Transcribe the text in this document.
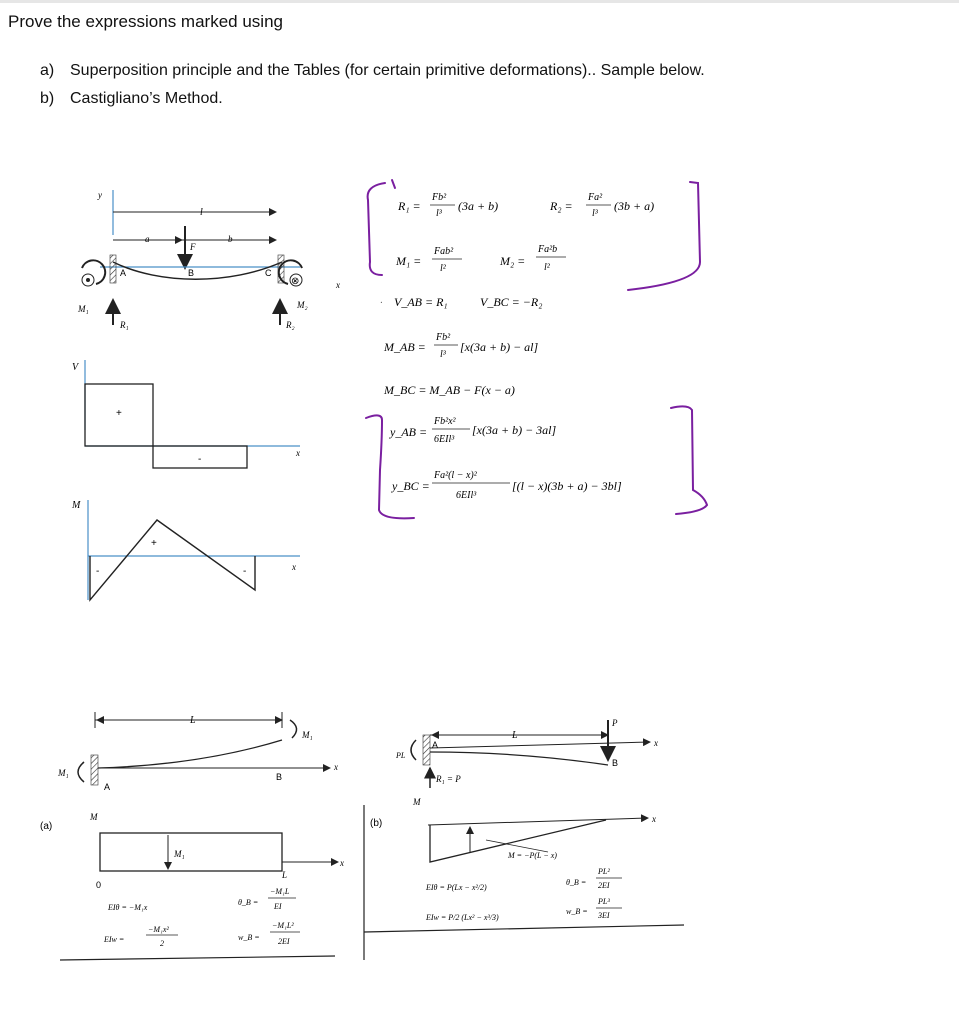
Prove the expressions marked using
a) Superposition principle and the Tables (for certain primitive deformations).. Sample below.
b) Castigliano’s Method.
y
l
a	b
F
A	B	C
x
⊗
M₁	M₂
R₁	R₂
V
+
-
x
M
+
-	-	x
R₁ =
Fb²
l³
(3a + b)	R₂ =
Fa²
l³
(3b + a)
M₁ =
Fab²
l²
M₂ =
Fa²b
l²
· V_AB = R₁	V_BC = −R₂
M_AB =
Fb²
l³
[x(3a + b) − al]
M_BC = M_AB − F(x − a)
y_AB =
Fb²x²
6EIl³
[x(3a + b) − 3al]
y_BC =
Fa²(l − x)²
6EIl³
[(l − x)(3b + a) − 3bl]
L
M₁
M₁
A
B
x
(a)
M
M₁
x
0
L
EIθ = −M₁x
EIw =
−M₁x²
2
θ_B =
−M₁L
EI
w_B =
−M₁L²
2EI
(b)
L
P
B
A	x
PL
R₁ = P
M
x
M = −P(L − x)
EIθ = P(Lx − x²/2)
EIw = P/2 (Lx² − x³/3)
θ_B =
PL²
2EI
w_B =
PL³
3EI
